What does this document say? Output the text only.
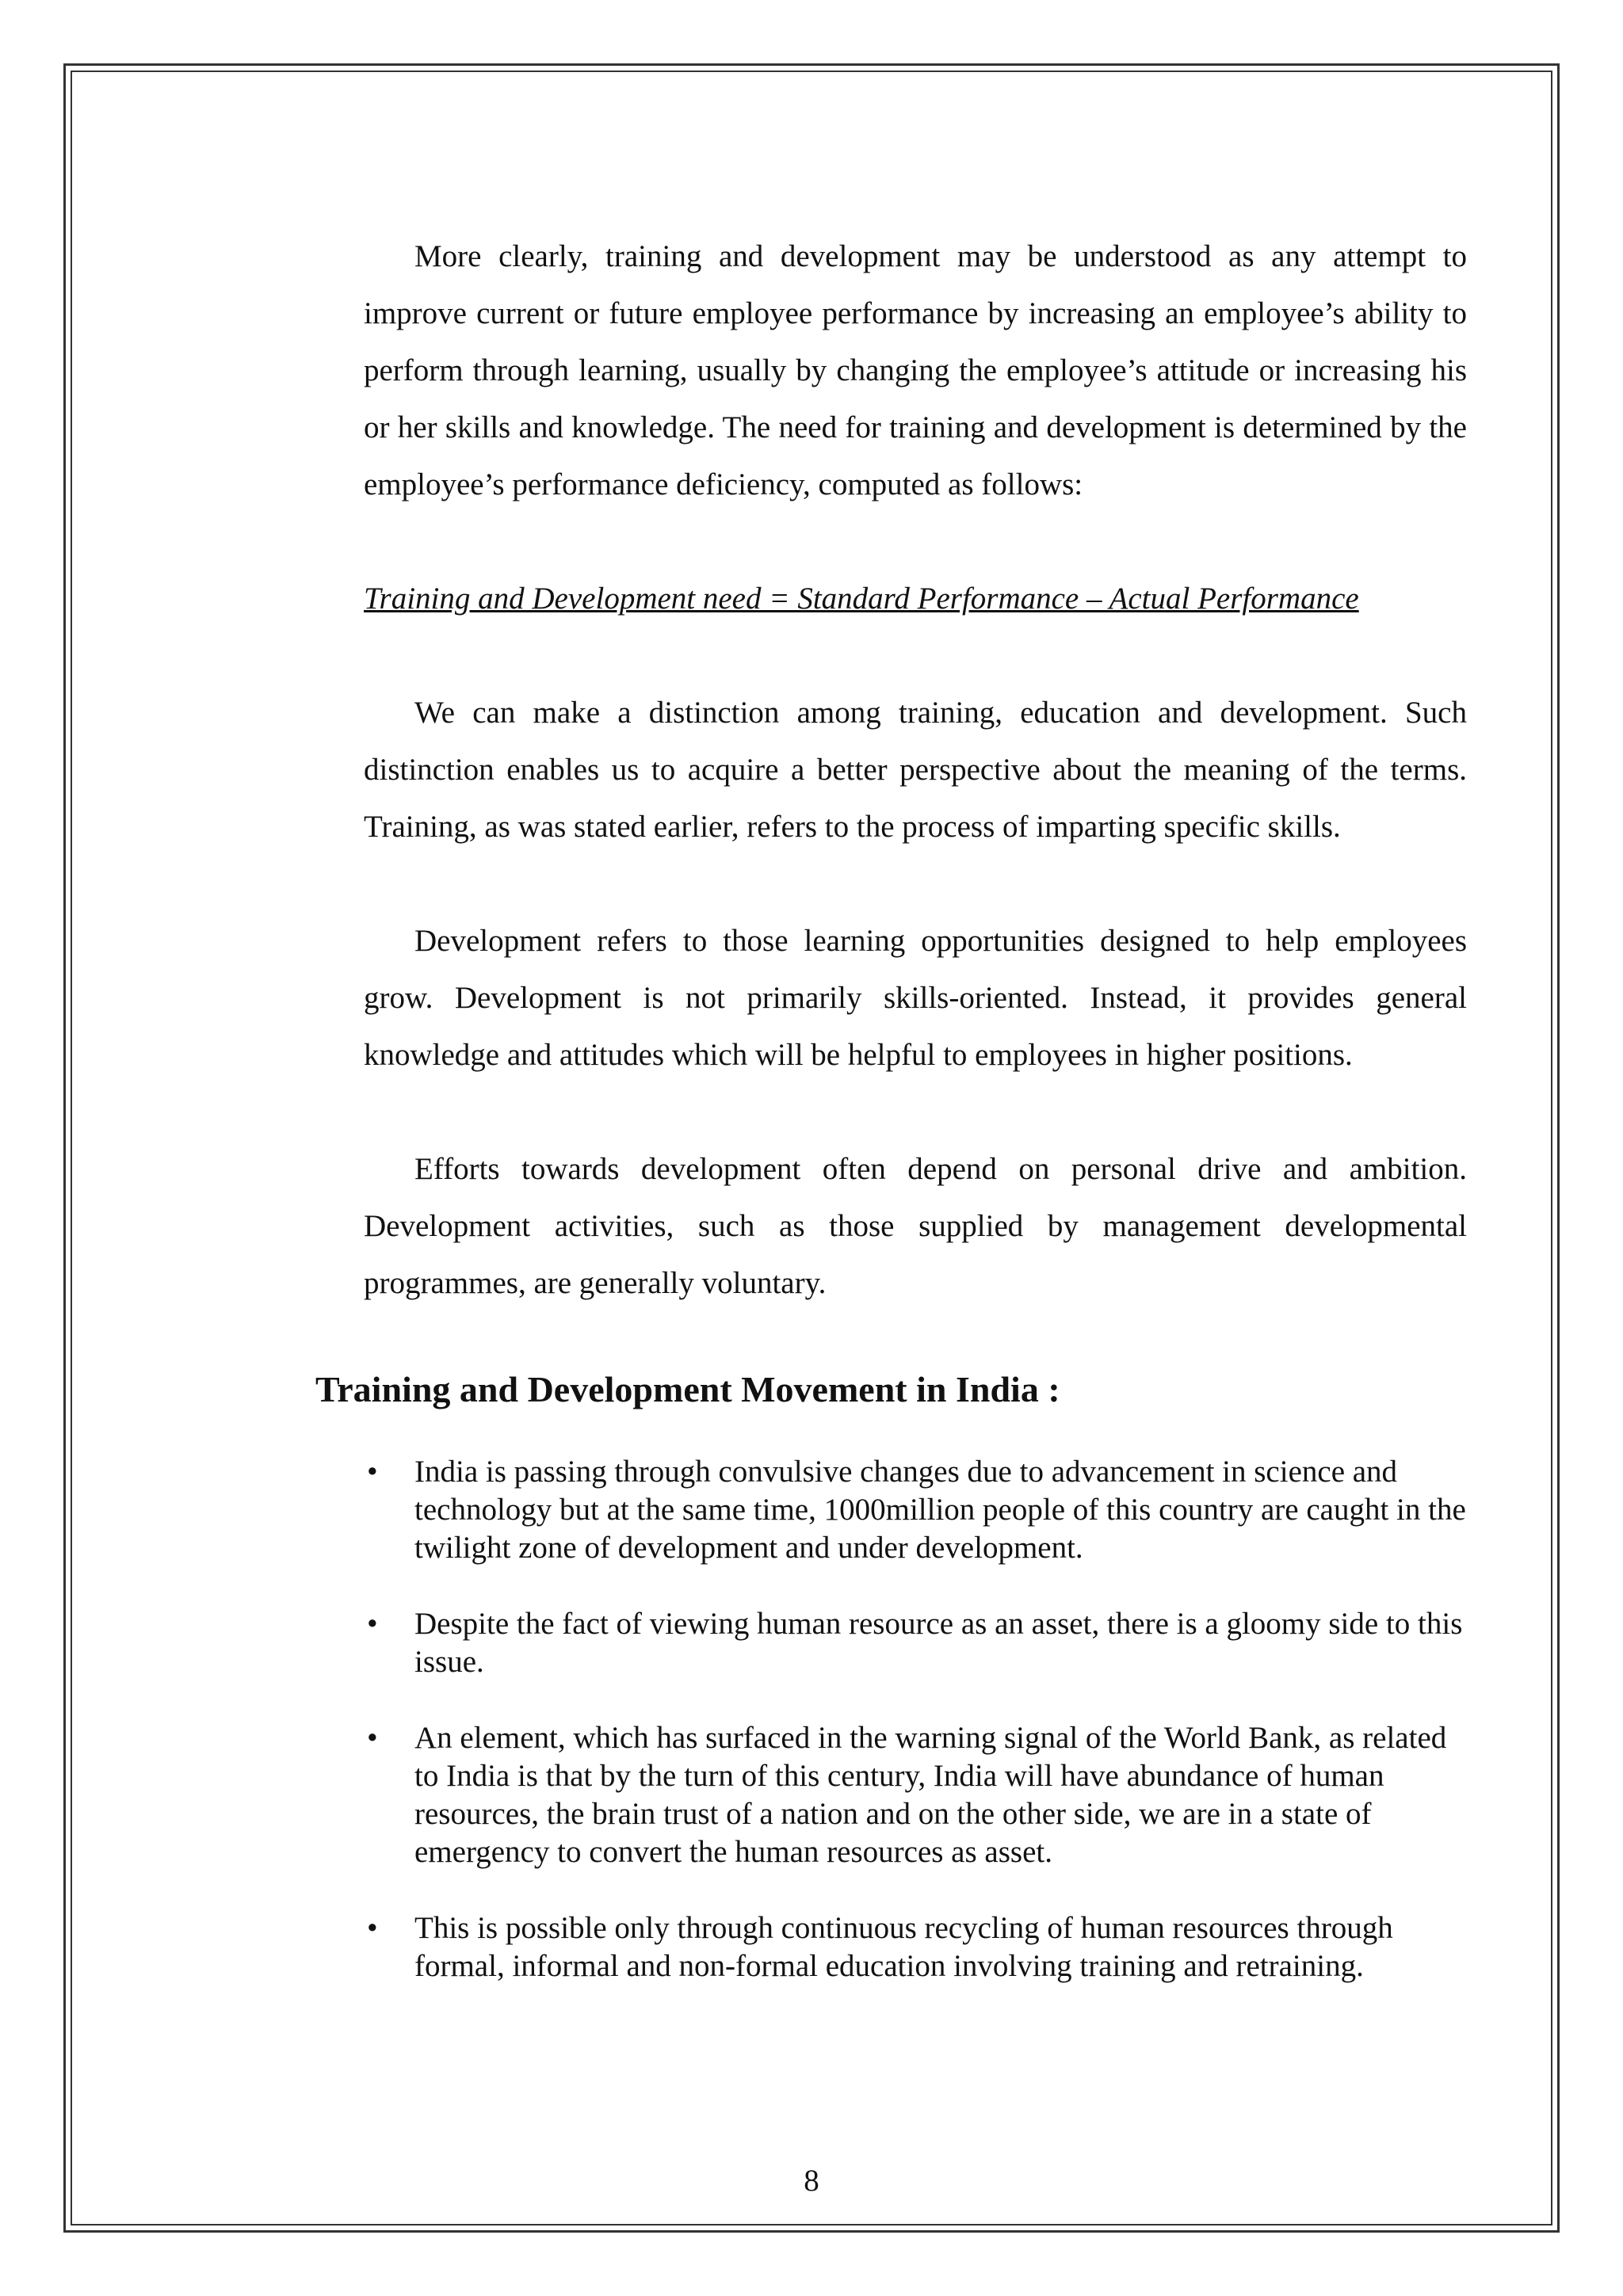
More clearly, training and development may be understood as any attempt to improve current or future employee performance by increasing an employee’s ability to perform through learning, usually by changing the employee’s attitude or increasing his or her skills and knowledge. The need for training and development is determined by the employee’s performance deficiency, computed as follows:

Training and Development need = Standard Performance – Actual Performance

We can make a distinction among training, education and development. Such distinction enables us to acquire a better perspective about the meaning of the terms. Training, as was stated earlier, refers to the process of imparting specific skills.

Development refers to those learning opportunities designed to help employees grow. Development is not primarily skills-oriented. Instead, it provides general knowledge and attitudes which will be helpful to employees in higher positions.

Efforts towards development often depend on personal drive and ambition. Development activities, such as those supplied by management developmental programmes, are generally voluntary.

Training and Development Movement in India :
• India is passing through convulsive changes due to advancement in science and technology but at the same time, 1000million people of this country are caught in the twilight zone of development and under development.
• Despite the fact of viewing human resource as an asset, there is a gloomy side to this issue.
• An element, which has surfaced in the warning signal of the World Bank, as related to India is that by the turn of this century, India will have abundance of human resources, the brain trust of a nation and on the other side, we are in a state of emergency to convert the human resources as asset.
• This is possible only through continuous recycling of human resources through formal, informal and non-formal education involving training and retraining.

8
